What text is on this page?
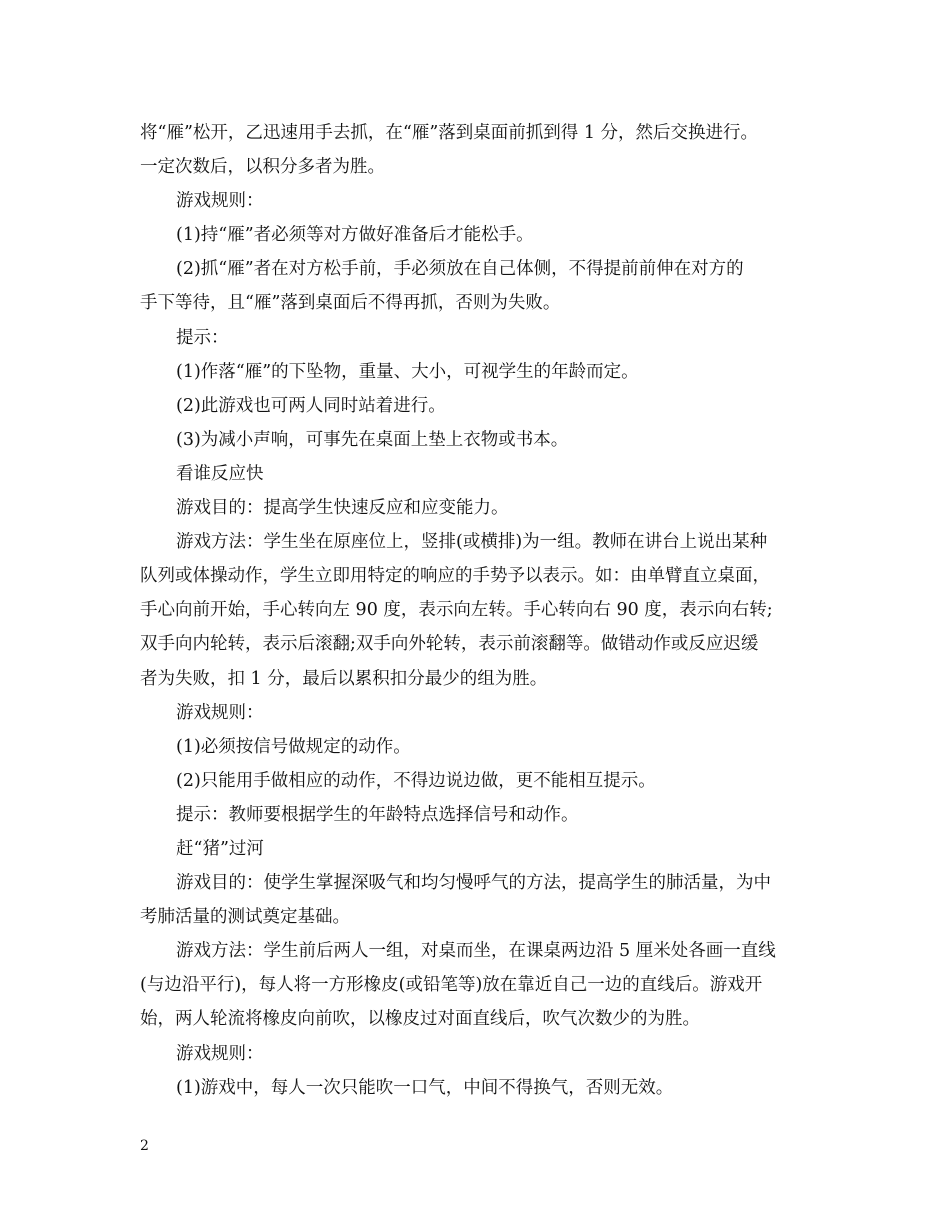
将“雁”松开，乙迅速用手去抓，在“雁”落到桌面前抓到得 1 分，然后交换进行。
一定次数后，以积分多者为胜。
游戏规则：
(1)持“雁”者必须等对方做好准备后才能松手。
(2)抓“雁”者在对方松手前，手必须放在自己体侧，不得提前前伸在对方的
手下等待，且“雁”落到桌面后不得再抓，否则为失败。
提示：
(1)作落“雁”的下坠物，重量、大小，可视学生的年龄而定。
(2)此游戏也可两人同时站着进行。
(3)为减小声响，可事先在桌面上垫上衣物或书本。
看谁反应快
游戏目的：提高学生快速反应和应变能力。
游戏方法：学生坐在原座位上，竖排(或横排)为一组。教师在讲台上说出某种
队列或体操动作，学生立即用特定的响应的手势予以表示。如：由单臂直立桌面，
手心向前开始，手心转向左 90 度，表示向左转。手心转向右 90 度，表示向右转;
双手向内轮转，表示后滚翻;双手向外轮转，表示前滚翻等。做错动作或反应迟缓
者为失败，扣 1 分，最后以累积扣分最少的组为胜。
游戏规则：
(1)必须按信号做规定的动作。
(2)只能用手做相应的动作，不得边说边做，更不能相互提示。
提示：教师要根据学生的年龄特点选择信号和动作。
赶“猪”过河
游戏目的：使学生掌握深吸气和均匀慢呼气的方法，提高学生的肺活量，为中
考肺活量的测试奠定基础。
游戏方法：学生前后两人一组，对桌而坐，在课桌两边沿 5 厘米处各画一直线
(与边沿平行)，每人将一方形橡皮(或铅笔等)放在靠近自己一边的直线后。游戏开
始，两人轮流将橡皮向前吹，以橡皮过对面直线后，吹气次数少的为胜。
游戏规则：
(1)游戏中，每人一次只能吹一口气，中间不得换气，否则无效。
2
